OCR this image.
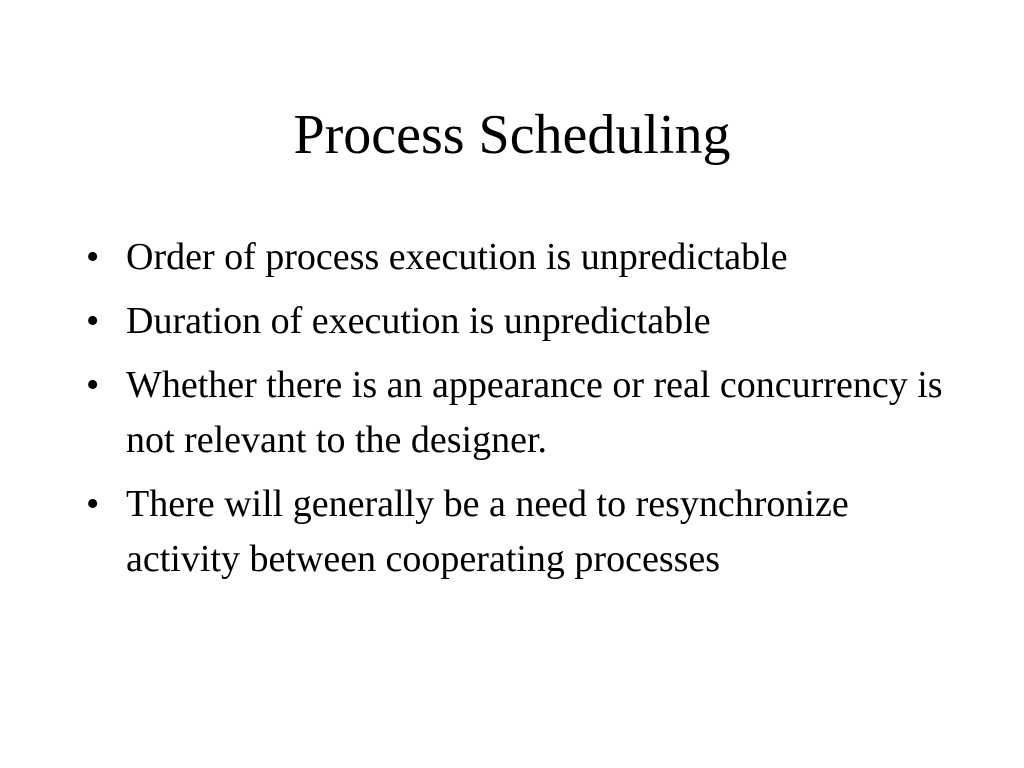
Process Scheduling
• Order of process execution is unpredictable
• Duration of execution is unpredictable
• Whether there is an appearance or real concurrency is not relevant to the designer.
• There will generally be a need to resynchronize activity between cooperating processes
